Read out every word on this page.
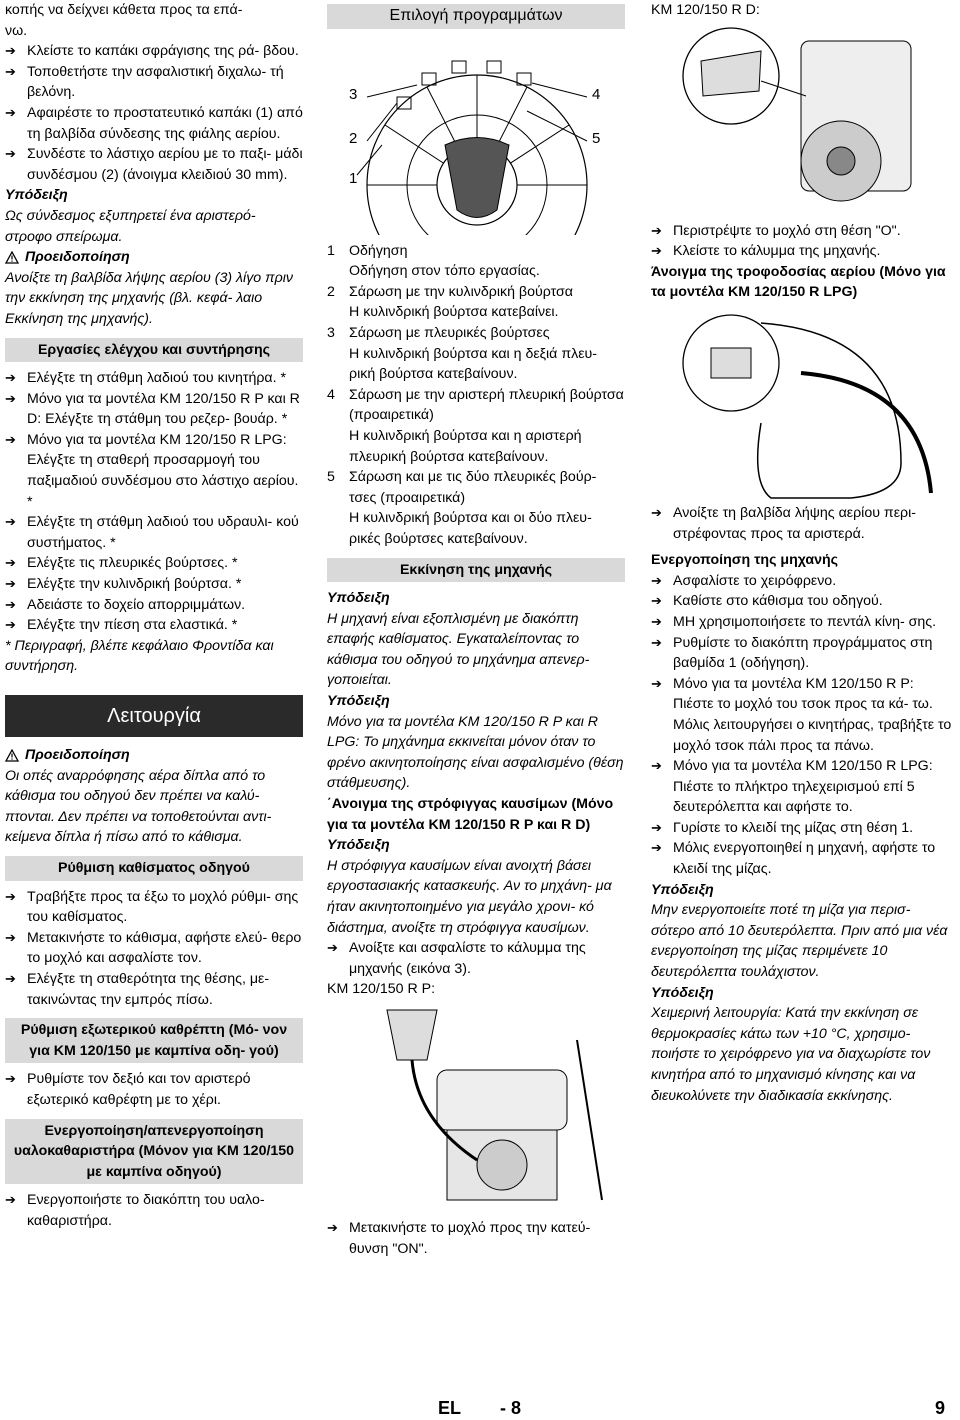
κοπής να δείχνει κάθετα προς τα επά-

νω.

➔ Κλείστε το καπάκι σφράγισης της ρά- βδου.
➔ Τοποθετήστε την ασφαλιστική διχαλω- τή βελόνη.
➔ Αφαιρέστε το προστατευτικό καπάκι (1) από τη βαλβίδα σύνδεσης της φιάλης αερίου.
➔ Συνδέστε το λάστιχο αερίου με το παξι- μάδι συνδέσμου (2) (άνοιγμα κλειδιού 30 mm).

Υπόδειξη

Ως σύνδεσμος εξυπηρετεί ένα αριστερό- στροφο σπείρωμα.

Προειδοποίηση

Ανοίξτε τη βαλβίδα λήψης αερίου (3) λίγο πριν την εκκίνηση της μηχανής (βλ. κεφά- λαιο Εκκίνηση της μηχανής).

Εργασίες ελέγχου και συντήρησης
➔ Ελέγξτε τη στάθμη λαδιού του κινητήρα. *
➔ Μόνο για τα μοντέλα KM 120/150 R P και R D: Ελέγξτε τη στάθμη του ρεζερ- βουάρ. *
➔ Μόνο για τα μοντέλα KM 120/150 R LPG: Ελέγξτε τη σταθερή προσαρμογή του παξιμαδιού συνδέσμου στο λάστιχο αερίου. *
➔ Ελέγξτε τη στάθμη λαδιού του υδραυλι- κού συστήματος. *
➔ Ελέγξτε τις πλευρικές βούρτσες. *
➔ Ελέγξτε την κυλινδρική βούρτσα. *
➔ Αδειάστε το δοχείο απορριμμάτων.
➔ Ελέγξτε την πίεση στα ελαστικά. *

* Περιγραφή, βλέπε κεφάλαιο Φροντίδα και συντήρηση.

Λειτουργία
Προειδοποίηση

Οι οπές αναρρόφησης αέρα δίπλα από το κάθισμα του οδηγού δεν πρέπει να καλύ- πτονται. Δεν πρέπει να τοποθετούνται αντι- κείμενα δίπλα ή πίσω από το κάθισμα.

Ρύθμιση καθίσματος οδηγού
➔ Τραβήξτε προς τα έξω το μοχλό ρύθμι- σης του καθίσματος.
➔ Μετακινήστε το κάθισμα, αφήστε ελεύ- θερο το μοχλό και ασφαλίστε τον.
➔ Ελέγξτε τη σταθερότητα της θέσης, με- τακινώντας την εμπρός πίσω.
Ρύθμιση εξωτερικού καθρέπτη (Μό- νον για KM 120/150 με καμπίνα οδη- γού)
➔ Ρυθμίστε τον δεξιό και τον αριστερό εξωτερικό καθρέφτη με το χέρι.
Ενεργοποίηση/απενεργοποίηση υαλοκαθαριστήρα (Μόνον για KM 120/150 με καμπίνα οδηγού)
➔ Ενεργοποιήστε το διακόπτη του υαλο- καθαριστήρα.
Επιλογή προγραμμάτων
3
2
1
4
5
1 Οδήγηση
Οδήγηση στον τόπο εργασίας.
2 Σάρωση με την κυλινδρική βούρτσα
Η κυλινδρική βούρτσα κατεβαίνει.
3 Σάρωση με πλευρικές βούρτσες
Η κυλινδρική βούρτσα και η δεξιά πλευ- ρική βούρτσα κατεβαίνουν.
4 Σάρωση με την αριστερή πλευρική βούρτσα (προαιρετικά)
Η κυλινδρική βούρτσα και η αριστερή πλευρική βούρτσα κατεβαίνουν.
5 Σάρωση και με τις δύο πλευρικές βούρ- τσες (προαιρετικά)
Η κυλινδρική βούρτσα και οι δύο πλευ- ρικές βούρτσες κατεβαίνουν.
Εκκίνηση της μηχανής

Υπόδειξη

Η μηχανή είναι εξοπλισμένη με διακόπτη επαφής καθίσματος. Εγκαταλείποντας το κάθισμα του οδηγού το μηχάνημα απενερ- γοποιείται.

Υπόδειξη

Μόνο για τα μοντέλα KM 120/150 R P και R LPG: Το μηχάνημα εκκινείται μόνον όταν το φρένο ακινητοποίησης είναι ασφαλισμένο (θέση στάθμευσης).

΄Ανοιγμα της στρόφιγγας καυσίμων (Μόνο για τα μοντέλα KM 120/150 R P και R D)

Υπόδειξη

Η στρόφιγγα καυσίμων είναι ανοιχτή βάσει εργοστασιακής κατασκευής. Αν το μηχάνη- μα ήταν ακινητοποιημένο για μεγάλο χρονι- κό διάστημα, ανοίξτε τη στρόφιγγα καυσίμων.

➔ Ανοίξτε και ασφαλίστε το κάλυμμα της μηχανής (εικόνα 3).

KM 120/150 R P:

➔ Μετακινήστε το μοχλό προς την κατεύ- θυνση "ON".

KM 120/150 R D:

➔ Περιστρέψτε το μοχλό στη θέση "O".
➔ Κλείστε το κάλυμμα της μηχανής.

Άνοιγμα της τροφοδοσίας αερίου (Μόνο για τα μοντέλα KM 120/150 R LPG)

➔ Ανοίξτε τη βαλβίδα λήψης αερίου περι- στρέφοντας προς τα αριστερά.

Ενεργοποίηση της μηχανής

➔ Ασφαλίστε το χειρόφρενο.
➔ Καθίστε στο κάθισμα του οδηγού.
➔ ΜΗ χρησιμοποιήσετε το πεντάλ κίνη- σης.
➔ Ρυθμίστε το διακόπτη προγράμματος στη βαθμίδα 1 (οδήγηση).
➔ Μόνο για τα μοντέλα KM 120/150 R P: Πιέστε το μοχλό του τσοκ προς τα κά- τω. Μόλις λειτουργήσει ο κινητήρας, τραβήξτε το μοχλό τσοκ πάλι προς τα πάνω.
➔ Μόνο για τα μοντέλα KM 120/150 R LPG: Πιέστε το πλήκτρο τηλεχειρισμού επί 5 δευτερόλεπτα και αφήστε το.
➔ Γυρίστε το κλειδί της μίζας στη θέση 1.
➔ Μόλις ενεργοποιηθεί η μηχανή, αφήστε το κλειδί της μίζας.

Υπόδειξη

Μην ενεργοποιείτε ποτέ τη μίζα για περισ- σότερο από 10 δευτερόλεπτα. Πριν από μια νέα ενεργοποίηση της μίζας περιμένετε 10 δευτερόλεπτα τουλάχιστον.

Υπόδειξη

Χειμερινή λειτουργία: Κατά την εκκίνηση σε θερμοκρασίες κάτω των +10 °C, χρησιμο- ποιήστε το χειρόφρενο για να διαχωρίστε τον κινητήρα από το μηχανισμό κίνησης και να διευκολύνετε την διαδικασία εκκίνησης.

EL - 8	9
